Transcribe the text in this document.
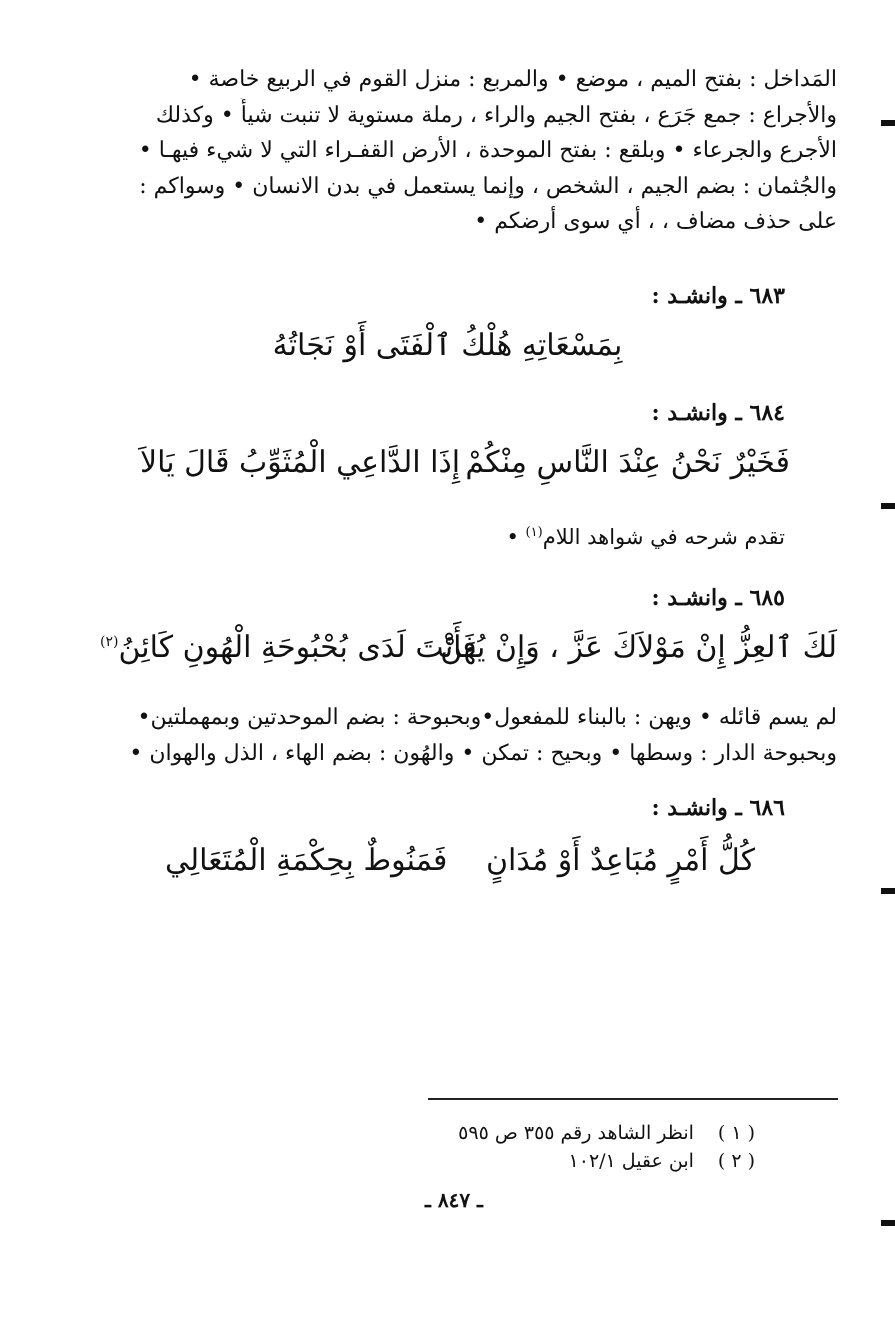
المَداخل : بفتح الميم ، موضع • والمربع : منزل القوم في الربيع خاصة •
والأجراع : جمع جَرَع ، بفتح الجيم والراء ، رملة مستوية لا تنبت شيأً • وكذلك
الأجرع والجرعاء • وبلقع : بفتح الموحدة ، الأرض القفـراء التي لا شيء فيهـا •
والجُثمان : بضم الجيم ، الشخص ، وإنما يستعمل في بدن الانسان • وسواكم :
على حذف مضاف ، ، أي سوى أرضكم •
٦٨٣ ـ وانشـد :
بِمَسْعَاتِهِ هُلْكُ ٱلْفَتَى أَوْ نَجَاتُهُ
٦٨٤ ـ وانشـد :
فَخَيْرٌ نَحْنُ عِنْدَ النَّاسِ مِنْكُمْ
إِذَا الدَّاعِي الْمُثَوِّبُ قَالَ يَالاَ
تقدم شرحه في شواهد اللام$^{(١)}$ •
٦٨٥ ـ وانشـد :
لَكَ ٱلعِزُّ إِنْ مَوْلاَكَ عَزَّ ، وَإِنْ يُهَنْ
فَأَنْتَ لَدَى بُحْبُوحَةِ الْهُونِ كَائِنُ$^{(٢)}$
لم يسم قائله • ويهن : بالبناء للمفعول•وبحبوحة : بضم الموحدتين وبمهملتين•
وبحبوحة الدار : وسطها • وبحيح : تمكن • والهُون : بضم الهاء ، الذل والهوان •
٦٨٦ ـ وانشـد :
كُلُّ أَمْرٍ مُبَاعِدٌ أَوْ مُدَانٍ
فَمَنُوطٌ بِحِكْمَةِ الْمُتَعَالِي
( ١ ) انظر الشاهد رقم ٣٥٥ ص ٥٩٥
( ٢ ) ابن عقيل ١٠٢/١
ـ ٨٤٧ ـ
